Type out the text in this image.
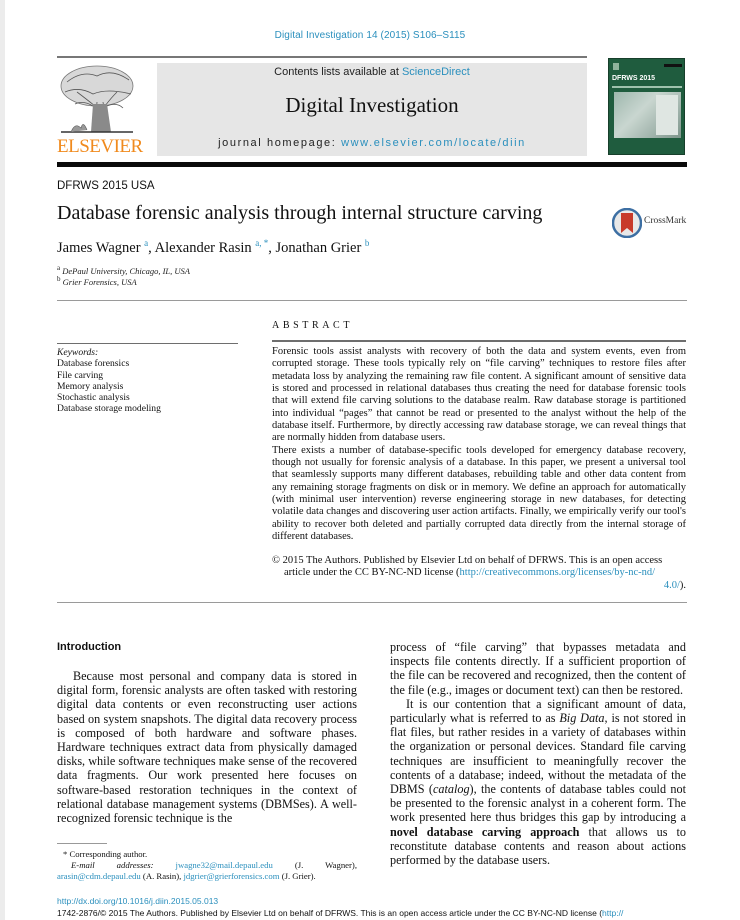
Digital Investigation 14 (2015) S106–S115
ELSEVIER
Contents lists available at ScienceDirect
Digital Investigation
journal homepage: www.elsevier.com/locate/diin
DFRWS 2015
DFRWS 2015 USA
Database forensic analysis through internal structure carving	CrossMark
James Wagner $^a$, Alexander Rasin $^{a, *}$, Jonathan Grier $^b$
$^a$ DePaul University, Chicago, IL, USA
$^b$ Grier Forensics, USA
ABSTRACT
Keywords:
Database forensics
File carving
Memory analysis
Stochastic analysis
Database storage modeling

Forensic tools assist analysts with recovery of both the data and system events, even from corrupted storage. These tools typically rely on “file carving” techniques to restore files after metadata loss by analyzing the remaining raw file content. A significant amount of sensitive data is stored and processed in relational databases thus creating the need for database forensic tools that will extend file carving solutions to the database realm. Raw database storage is partitioned into individual “pages” that cannot be read or presented to the analyst without the help of the database itself. Furthermore, by directly accessing raw database storage, we can reveal things that are normally hidden from database users.

There exists a number of database-specific tools developed for emergency database recovery, though not usually for forensic analysis of a database. In this paper, we present a universal tool that seamlessly supports many different databases, rebuilding table and other data content from any remaining storage fragments on disk or in memory. We define an approach for automatically (with minimal user intervention) reverse engineering storage in new databases, for detecting volatile data changes and discovering user action artifacts. Finally, we empirically verify our tool's ability to recover both deleted and partially corrupted data directly from the internal storage of different databases.

© 2015 The Authors. Published by Elsevier Ltd on behalf of DFRWS. This is an open access
article under the CC BY-NC-ND license (http://creativecommons.org/licenses/by-nc-nd/
4.0/).
Introduction

Because most personal and company data is stored in digital form, forensic analysts are often tasked with restoring digital data contents or even reconstructing user actions based on system snapshots. The digital data recovery process is composed of both hardware and software phases. Hardware techniques extract data from physically damaged disks, while software techniques make sense of the recovered data fragments. Our work presented here focuses on software-based restoration techniques in the context of relational database management systems (DBMSes). A well-recognized forensic technique is the

process of “file carving” that bypasses metadata and inspects file contents directly. If a sufficient proportion of the file can be recovered and recognized, then the content of the file (e.g., images or document text) can then be restored.

It is our contention that a significant amount of data, particularly what is referred to as Big Data, is not stored in flat files, but rather resides in a variety of databases within the organization or personal devices. Standard file carving techniques are insufficient to meaningfully recover the contents of a database; indeed, without the metadata of the DBMS (catalog), the contents of database tables could not be presented to the forensic analyst in a coherent form. The work presented here thus bridges this gap by introducing a novel database carving approach that allows us to reconstitute database contents and reason about actions performed by the database users.

* Corresponding author.
E-mail addresses: jwagne32@mail.depaul.edu (J. Wagner), arasin@cdm.depaul.edu (A. Rasin), jdgrier@grierforensics.com (J. Grier).
http://dx.doi.org/10.1016/j.diin.2015.05.013
1742-2876/© 2015 The Authors. Published by Elsevier Ltd on behalf of DFRWS. This is an open access article under the CC BY-NC-ND license (http://
